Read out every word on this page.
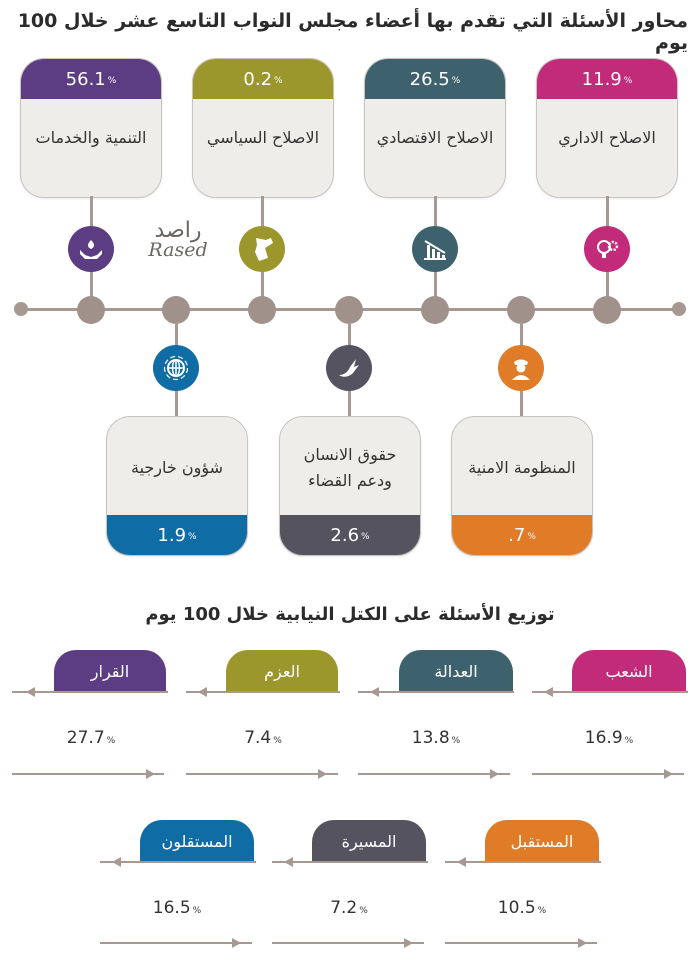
محاور الأسئلة التي تقدم بها أعضاء مجلس النواب التاسع عشر خلال 100 يوم
56.1 %
التنمية والخدمات
0.2 %
الاصلاح السياسي
26.5 %
الاصلاح الاقتصادي
11.9 %
الاصلاح الاداري
راصد
Rased
شؤون خارجية
1.9 %
حقوق الانسان ودعم القضاء
2.6 %
المنظومة الامنية
.7 %
توزيع الأسئلة على الكتل النيابية خلال 100 يوم
القرار
27.7 %
العزم
7.4 %
العدالة
13.8 %
الشعب
16.9 %
المستقلون
16.5 %
المسيرة
7.2 %
المستقبل
10.5 %
